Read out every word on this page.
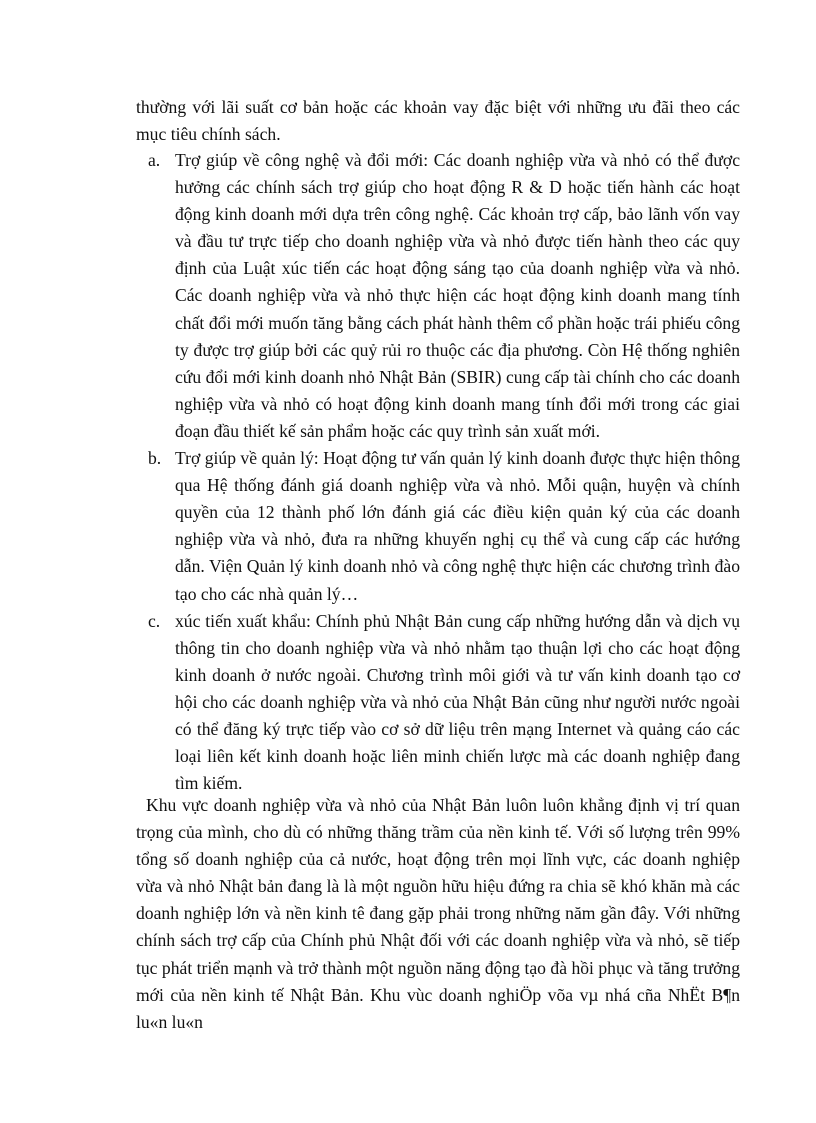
thường với lãi suất cơ bản hoặc các khoản vay đặc biệt với những ưu đãi theo các mục tiêu chính sách.

a. Trợ giúp về công nghệ và đổi mới: Các doanh nghiệp vừa và nhỏ có thể được hưởng các chính sách trợ giúp cho hoạt động R & D hoặc tiến hành các hoạt động kinh doanh mới dựa trên công nghệ. Các khoản trợ cấp, bảo lãnh vốn vay và đầu tư trực tiếp cho doanh nghiệp vừa và nhỏ được tiến hành theo các quy định của Luật xúc tiến các hoạt động sáng tạo của doanh nghiệp vừa và nhỏ. Các doanh nghiệp vừa và nhỏ thực hiện các hoạt động kinh doanh mang tính chất đổi mới muốn tăng bằng cách phát hành thêm cổ phần hoặc trái phiếu công ty được trợ giúp bởi các quỷ rủi ro thuộc các địa phương. Còn Hệ thống nghiên cứu đổi mới kinh doanh nhỏ Nhật Bản (SBIR) cung cấp tài chính cho các doanh nghiệp vừa và nhỏ có hoạt động kinh doanh mang tính đổi mới trong các giai đoạn đầu thiết kế sản phẩm hoặc các quy trình sản xuất mới.
b. Trợ giúp về quản lý: Hoạt động tư vấn quản lý kinh doanh được thực hiện thông qua Hệ thống đánh giá doanh nghiệp vừa và nhỏ. Mỗi quận, huyện và chính quyền của 12 thành phố lớn đánh giá các điều kiện quản ký của các doanh nghiệp vừa và nhỏ, đưa ra những khuyến nghị cụ thể và cung cấp các hướng dẫn. Viện Quản lý kinh doanh nhỏ và công nghệ thực hiện các chương trình đào tạo cho các nhà quản lý…
c. xúc tiến xuất khẩu: Chính phủ Nhật Bản cung cấp những hướng dẫn và dịch vụ thông tin cho doanh nghiệp vừa và nhỏ nhằm tạo thuận lợi cho các hoạt động kinh doanh ở nước ngoài. Chương trình môi giới và tư vấn kinh doanh tạo cơ hội cho các doanh nghiệp vừa và nhỏ của Nhật Bản cũng như người nước ngoài có thể đăng ký trực tiếp vào cơ sở dữ liệu trên mạng Internet và quảng cáo các loại liên kết kinh doanh hoặc liên minh chiến lược mà các doanh nghiệp đang tìm kiếm.

Khu vực doanh nghiệp vừa và nhỏ của Nhật Bản luôn luôn khẳng định vị trí quan trọng của mình, cho dù có những thăng trầm của nền kinh tế. Với số lượng trên 99% tổng số doanh nghiệp của cả nước, hoạt động trên mọi lĩnh vực, các doanh nghiệp vừa và nhỏ Nhật bản đang là là một nguồn hữu hiệu đứng ra chia sẽ khó khăn mà các doanh nghiệp lớn và nền kinh tê đang gặp phải trong những năm gần đây. Với những chính sách trợ cấp của Chính phủ Nhật đối với các doanh nghiệp vừa và nhỏ, sẽ tiếp tục phát triển mạnh và trở thành một nguồn năng động tạo đà hồi phục và tăng trưởng mới của nền kinh tế Nhật Bản. Khu vùc doanh nghiÖp võa vµ nhá cña NhËt B¶n lu«n lu«n
